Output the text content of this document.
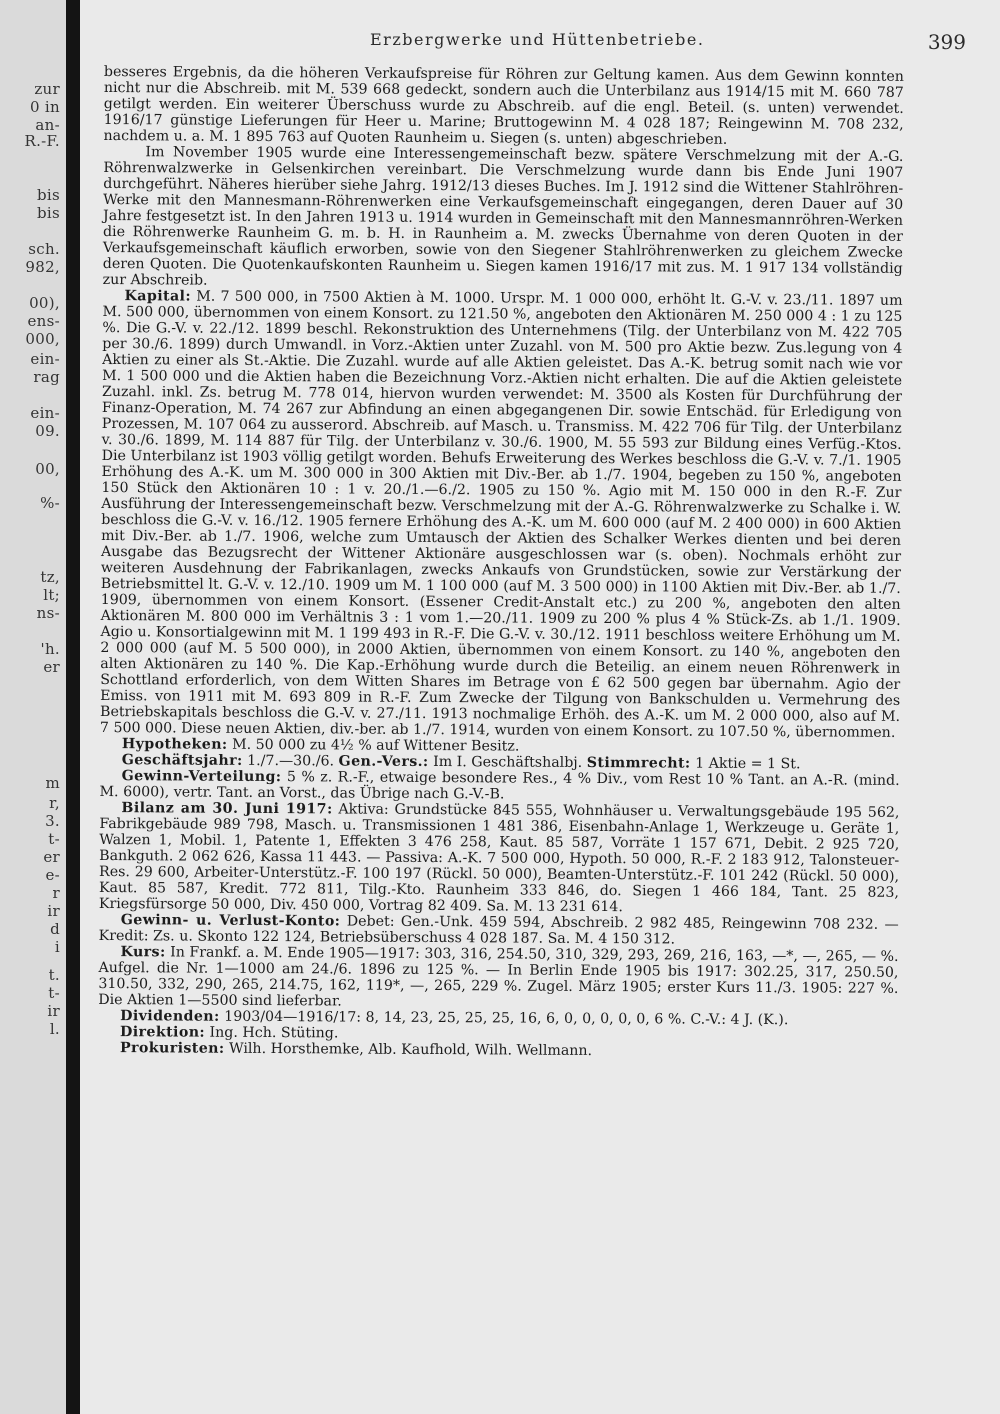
zur
0 in
an-
R.-F.
bis
bis
sch.
982,
00),
ens-
000,
ein-
rag
ein-
09.
00,
%-
tz,
lt;
ns-
'h.
er
m
r,
3.
t-
er
e-
r
ir
d
i
t.
t-
ir
l.
Erzbergwerke und Hüttenbetriebe.	399

besseres Ergebnis, da die höheren Verkaufspreise für Röhren zur Geltung kamen. Aus dem Gewinn konnten nicht nur die Abschreib. mit M. 539 668 gedeckt, sondern auch die Unterbilanz aus 1914/15 mit M. 660 787 getilgt werden. Ein weiterer Überschuss wurde zu Abschreib. auf die engl. Beteil. (s. unten) verwendet. 1916/17 günstige Lieferungen für Heer u. Marine; Bruttogewinn M. 4 028 187; Reingewinn M. 708 232, nachdem u. a. M. 1 895 763 auf Quoten Raunheim u. Siegen (s. unten) abgeschrieben.

Im November 1905 wurde eine Interessengemeinschaft bezw. spätere Verschmelzung mit der A.-G. Röhrenwalzwerke in Gelsenkirchen vereinbart. Die Verschmelzung wurde dann bis Ende Juni 1907 durchgeführt. Näheres hierüber siehe Jahrg. 1912/13 dieses Buches. Im J. 1912 sind die Wittener Stahlröhren-Werke mit den Mannesmann-Röhrenwerken eine Verkaufsgemeinschaft eingegangen, deren Dauer auf 30 Jahre festgesetzt ist. In den Jahren 1913 u. 1914 wurden in Gemeinschaft mit den Mannesmannröhren-Werken die Röhrenwerke Raunheim G. m. b. H. in Raunheim a. M. zwecks Übernahme von deren Quoten in der Verkaufsgemeinschaft käuflich erworben, sowie von den Siegener Stahlröhrenwerken zu gleichem Zwecke deren Quoten. Die Quotenkaufskonten Raunheim u. Siegen kamen 1916/17 mit zus. M. 1 917 134 vollständig zur Abschreib.

Kapital: M. 7 500 000, in 7500 Aktien à M. 1000. Urspr. M. 1 000 000, erhöht lt. G.-V. v. 23./11. 1897 um M. 500 000, übernommen von einem Konsort. zu 121.50 %, angeboten den Aktionären M. 250 000 4 : 1 zu 125 %. Die G.-V. v. 22./12. 1899 beschl. Rekonstruktion des Unternehmens (Tilg. der Unterbilanz von M. 422 705 per 30./6. 1899) durch Umwandl. in Vorz.-Aktien unter Zuzahl. von M. 500 pro Aktie bezw. Zus.legung von 4 Aktien zu einer als St.-Aktie. Die Zuzahl. wurde auf alle Aktien geleistet. Das A.-K. betrug somit nach wie vor M. 1 500 000 und die Aktien haben die Bezeichnung Vorz.-Aktien nicht erhalten. Die auf die Aktien geleistete Zuzahl. inkl. Zs. betrug M. 778 014, hiervon wurden verwendet: M. 3500 als Kosten für Durchführung der Finanz-Operation, M. 74 267 zur Abfindung an einen abgegangenen Dir. sowie Entschäd. für Erledigung von Prozessen, M. 107 064 zu ausserord. Abschreib. auf Masch. u. Transmiss. M. 422 706 für Tilg. der Unterbilanz v. 30./6. 1899, M. 114 887 für Tilg. der Unterbilanz v. 30./6. 1900, M. 55 593 zur Bildung eines Verfüg.-Ktos. Die Unterbilanz ist 1903 völlig getilgt worden. Behufs Erweiterung des Werkes beschloss die G.-V. v. 7./1. 1905 Erhöhung des A.-K. um M. 300 000 in 300 Aktien mit Div.-Ber. ab 1./7. 1904, begeben zu 150 %, angeboten 150 Stück den Aktionären 10 : 1 v. 20./1.—6./2. 1905 zu 150 %. Agio mit M. 150 000 in den R.-F. Zur Ausführung der Interessengemeinschaft bezw. Verschmelzung mit der A.-G. Röhrenwalzwerke zu Schalke i. W. beschloss die G.-V. v. 16./12. 1905 fernere Erhöhung des A.-K. um M. 600 000 (auf M. 2 400 000) in 600 Aktien mit Div.-Ber. ab 1./7. 1906, welche zum Umtausch der Aktien des Schalker Werkes dienten und bei deren Ausgabe das Bezugsrecht der Wittener Aktionäre ausgeschlossen war (s. oben). Nochmals erhöht zur weiteren Ausdehnung der Fabrikanlagen, zwecks Ankaufs von Grundstücken, sowie zur Verstärkung der Betriebsmittel lt. G.-V. v. 12./10. 1909 um M. 1 100 000 (auf M. 3 500 000) in 1100 Aktien mit Div.-Ber. ab 1./7. 1909, übernommen von einem Konsort. (Essener Credit-Anstalt etc.) zu 200 %, angeboten den alten Aktionären M. 800 000 im Verhältnis 3 : 1 vom 1.—20./11. 1909 zu 200 % plus 4 % Stück-Zs. ab 1./1. 1909. Agio u. Konsortialgewinn mit M. 1 199 493 in R.-F. Die G.-V. v. 30./12. 1911 beschloss weitere Erhöhung um M. 2 000 000 (auf M. 5 500 000), in 2000 Aktien, übernommen von einem Konsort. zu 140 %, angeboten den alten Aktionären zu 140 %. Die Kap.-Erhöhung wurde durch die Beteilig. an einem neuen Röhrenwerk in Schottland erforderlich, von dem Witten Shares im Betrage von £ 62 500 gegen bar übernahm. Agio der Emiss. von 1911 mit M. 693 809 in R.-F. Zum Zwecke der Tilgung von Bankschulden u. Vermehrung des Betriebskapitals beschloss die G.-V. v. 27./11. 1913 nochmalige Erhöh. des A.-K. um M. 2 000 000, also auf M. 7 500 000. Diese neuen Aktien, div.-ber. ab 1./7. 1914, wurden von einem Konsort. zu 107.50 %, übernommen.

Hypotheken: M. 50 000 zu 4½ % auf Wittener Besitz.

Geschäftsjahr: 1./7.—30./6. Gen.-Vers.: Im I. Geschäftshalbj. Stimmrecht: 1 Aktie = 1 St.

Gewinn-Verteilung: 5 % z. R.-F., etwaige besondere Res., 4 % Div., vom Rest 10 % Tant. an A.-R. (mind. M. 6000), vertr. Tant. an Vorst., das Übrige nach G.-V.-B.

Bilanz am 30. Juni 1917: Aktiva: Grundstücke 845 555, Wohnhäuser u. Verwaltungsgebäude 195 562, Fabrikgebäude 989 798, Masch. u. Transmissionen 1 481 386, Eisenbahn-Anlage 1, Werkzeuge u. Geräte 1, Walzen 1, Mobil. 1, Patente 1, Effekten 3 476 258, Kaut. 85 587, Vorräte 1 157 671, Debit. 2 925 720, Bankguth. 2 062 626, Kassa 11 443. — Passiva: A.-K. 7 500 000, Hypoth. 50 000, R.-F. 2 183 912, Talonsteuer-Res. 29 600, Arbeiter-Unterstütz.-F. 100 197 (Rückl. 50 000), Beamten-Unterstütz.-F. 101 242 (Rückl. 50 000), Kaut. 85 587, Kredit. 772 811, Tilg.-Kto. Raunheim 333 846, do. Siegen 1 466 184, Tant. 25 823, Kriegsfürsorge 50 000, Div. 450 000, Vortrag 82 409. Sa. M. 13 231 614.

Gewinn- u. Verlust-Konto: Debet: Gen.-Unk. 459 594, Abschreib. 2 982 485, Reingewinn 708 232. — Kredit: Zs. u. Skonto 122 124, Betriebsüberschuss 4 028 187. Sa. M. 4 150 312.

Kurs: In Frankf. a. M. Ende 1905—1917: 303, 316, 254.50, 310, 329, 293, 269, 216, 163, —*, —, 265, — %. Aufgel. die Nr. 1—1000 am 24./6. 1896 zu 125 %. — In Berlin Ende 1905 bis 1917: 302.25, 317, 250.50, 310.50, 332, 290, 265, 214.75, 162, 119*, —, 265, 229 %. Zugel. März 1905; erster Kurs 11./3. 1905: 227 %. Die Aktien 1—5500 sind lieferbar.

Dividenden: 1903/04—1916/17: 8, 14, 23, 25, 25, 25, 16, 6, 0, 0, 0, 0, 0, 6 %. C.-V.: 4 J. (K.).

Direktion: Ing. Hch. Stüting.

Prokuristen: Wilh. Horsthemke, Alb. Kaufhold, Wilh. Wellmann.
